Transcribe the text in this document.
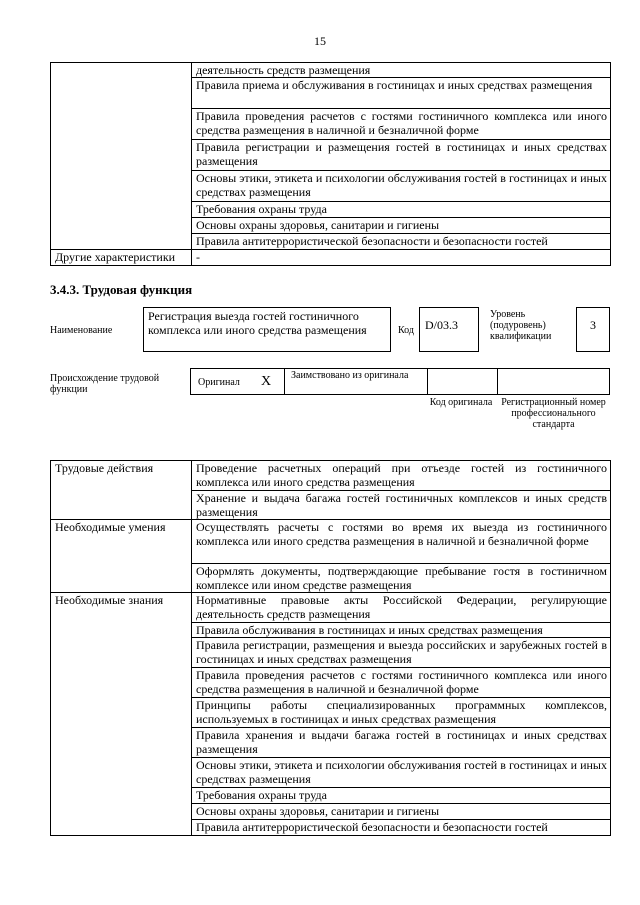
15
	деятельность средств размещения
	Правила приема и обслуживания в гостиницах и иных средствах размещения
	Правила проведения расчетов с гостями гостиничного комплекса или иного средства размещения в наличной и безналичной форме
	Правила регистрации и размещения гостей в гостиницах и иных средствах размещения
	Основы этики, этикета и психологии обслуживания гостей в гостиницах и иных средствах размещения
	Требования охраны труда
	Основы охраны здоровья, санитарии и гигиены
	Правила антитеррористической безопасности и безопасности гостей
Другие характеристики	-
3.4.3. Трудовая функция
Наименование
Регистрация выезда гостей гостиничного комплекса или иного средства размещения	Код D/03.3
Уровень (подуровень) квалификации
3
Происхождение трудовой функции
Оригинал X Заимствовано из оригинала
Код оригинала Регистрационный номер профессионального стандарта
Трудовые действия	Проведение расчетных операций при отъезде гостей из гостиничного комплекса или иного средства размещения
	Хранение и выдача багажа гостей гостиничных комплексов и иных средств размещения
Необходимые умения	Осуществлять расчеты с гостями во время их выезда из гостиничного комплекса или иного средства размещения в наличной и безналичной форме
	Оформлять документы, подтверждающие пребывание гостя в гостиничном комплексе или ином средстве размещения
Необходимые знания	Нормативные правовые акты Российской Федерации, регулирующие деятельность средств размещения
	Правила обслуживания в гостиницах и иных средствах размещения
	Правила регистрации, размещения и выезда российских и зарубежных гостей в гостиницах и иных средствах размещения
	Правила проведения расчетов с гостями гостиничного комплекса или иного средства размещения в наличной и безналичной форме
	Принципы работы специализированных программных комплексов, используемых в гостиницах и иных средствах размещения
	Правила хранения и выдачи багажа гостей в гостиницах и иных средствах размещения
	Основы этики, этикета и психологии обслуживания гостей в гостиницах и иных средствах размещения
	Требования охраны труда
	Основы охраны здоровья, санитарии и гигиены
	Правила антитеррористической безопасности и безопасности гостей
